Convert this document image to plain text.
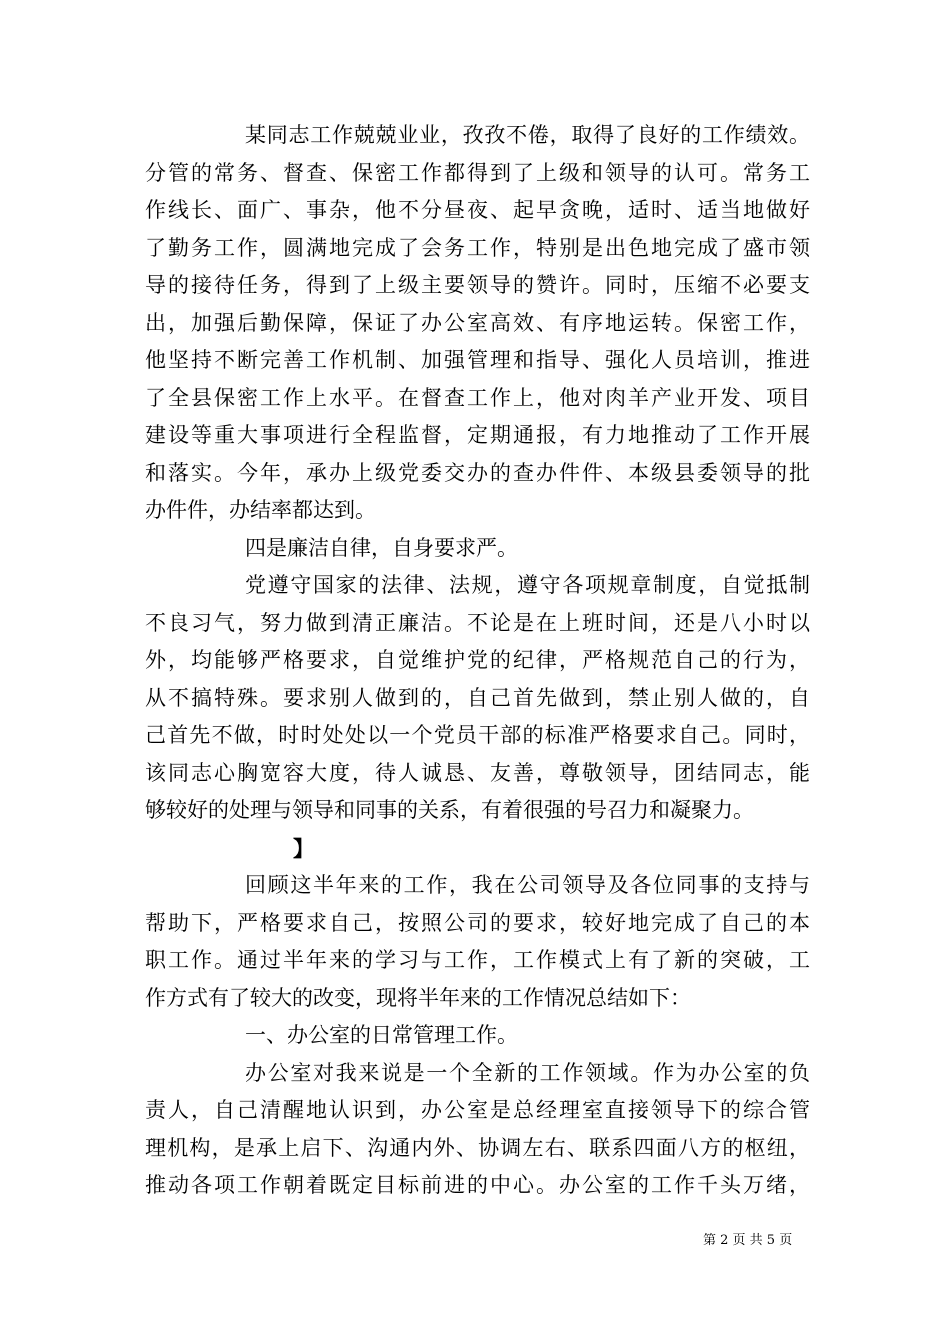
某同志工作兢兢业业，孜孜不倦，取得了良好的工作绩效。
分管的常务、督查、保密工作都得到了上级和领导的认可。常务工
作线长、面广、事杂，他不分昼夜、起早贪晚，适时、适当地做好
了勤务工作，圆满地完成了会务工作，特别是出色地完成了盛市领
导的接待任务，得到了上级主要领导的赞许。同时，压缩不必要支
出，加强后勤保障，保证了办公室高效、有序地运转。保密工作，
他坚持不断完善工作机制、加强管理和指导、强化人员培训，推进
了全县保密工作上水平。在督查工作上，他对肉羊产业开发、项目
建设等重大事项进行全程监督，定期通报，有力地推动了工作开展
和落实。今年，承办上级党委交办的查办件件、本级县委领导的批
办件件，办结率都达到。
四是廉洁自律，自身要求严。
党遵守国家的法律、法规，遵守各项规章制度，自觉抵制
不良习气，努力做到清正廉洁。不论是在上班时间，还是八小时以
外，均能够严格要求，自觉维护党的纪律，严格规范自己的行为，
从不搞特殊。要求别人做到的，自己首先做到，禁止别人做的，自
己首先不做，时时处处以一个党员干部的标准严格要求自己。同时，
该同志心胸宽容大度，待人诚恳、友善，尊敬领导，团结同志，能
够较好的处理与领导和同事的关系，有着很强的号召力和凝聚力。
】
回顾这半年来的工作，我在公司领导及各位同事的支持与
帮助下，严格要求自己，按照公司的要求，较好地完成了自己的本
职工作。通过半年来的学习与工作，工作模式上有了新的突破，工
作方式有了较大的改变，现将半年来的工作情况总结如下：
一、办公室的日常管理工作。
办公室对我来说是一个全新的工作领域。作为办公室的负
责人，自己清醒地认识到，办公室是总经理室直接领导下的综合管
理机构，是承上启下、沟通内外、协调左右、联系四面八方的枢纽，
推动各项工作朝着既定目标前进的中心。办公室的工作千头万绪，
第 2 页 共 5 页
